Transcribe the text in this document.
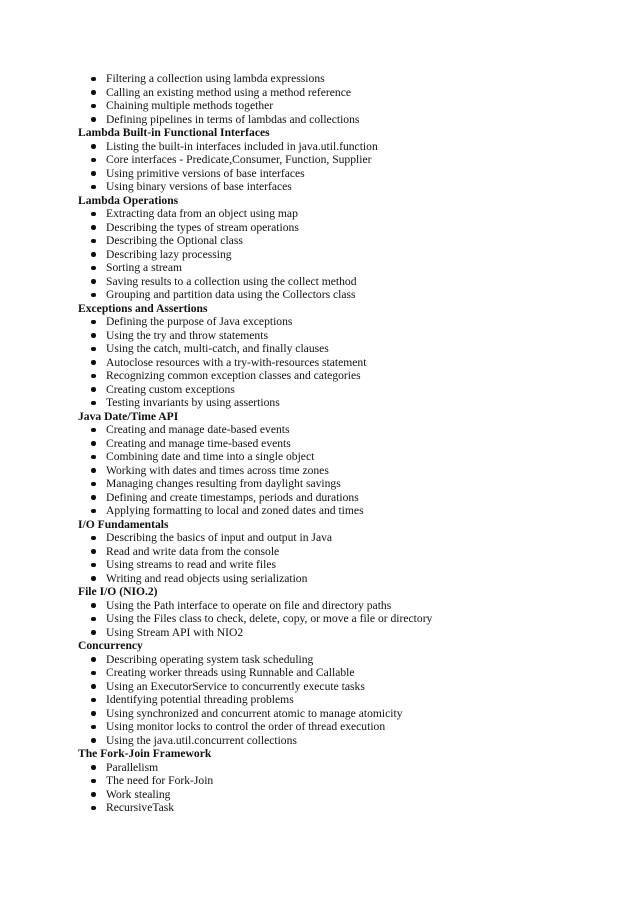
Filtering a collection using lambda expressions
Calling an existing method using a method reference
Chaining multiple methods together
Defining pipelines in terms of lambdas and collections
Lambda Built-in Functional Interfaces
Listing the built-in interfaces included in java.util.function
Core interfaces - Predicate,Consumer, Function, Supplier
Using primitive versions of base interfaces
Using binary versions of base interfaces
Lambda Operations
Extracting data from an object using map
Describing the types of stream operations
Describing the Optional class
Describing lazy processing
Sorting a stream
Saving results to a collection using the collect method
Grouping and partition data using the Collectors class
Exceptions and Assertions
Defining the purpose of Java exceptions
Using the try and throw statements
Using the catch, multi-catch, and finally clauses
Autoclose resources with a try-with-resources statement
Recognizing common exception classes and categories
Creating custom exceptions
Testing invariants by using assertions
Java Date/Time API
Creating and manage date-based events
Creating and manage time-based events
Combining date and time into a single object
Working with dates and times across time zones
Managing changes resulting from daylight savings
Defining and create timestamps, periods and durations
Applying formatting to local and zoned dates and times
I/O Fundamentals
Describing the basics of input and output in Java
Read and write data from the console
Using streams to read and write files
Writing and read objects using serialization
File I/O (NIO.2)
Using the Path interface to operate on file and directory paths
Using the Files class to check, delete, copy, or move a file or directory
Using Stream API with NIO2
Concurrency
Describing operating system task scheduling
Creating worker threads using Runnable and Callable
Using an ExecutorService to concurrently execute tasks
Identifying potential threading problems
Using synchronized and concurrent atomic to manage atomicity
Using monitor locks to control the order of thread execution
Using the java.util.concurrent collections
The Fork-Join Framework
Parallelism
The need for Fork-Join
Work stealing
RecursiveTask
